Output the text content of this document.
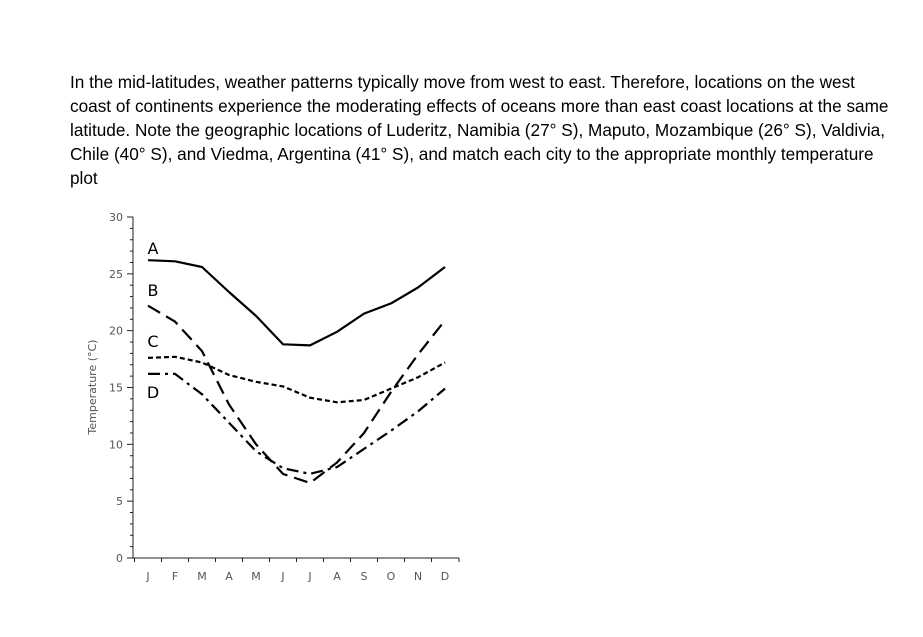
In the mid-latitudes, weather patterns typically move from west to east. Therefore, locations on the west coast of continents experience the moderating effects of oceans more than east coast locations at the same latitude. Note the geographic locations of Luderitz, Namibia (27° S), Maputo, Mozambique (26° S), Valdivia, Chile (40° S), and Viedma, Argentina (41° S), and match each city to the appropriate monthly temperature plot
0
5
10
15
20
25
30
J F M A M J J A S O N D
Temperature (°C)
A
B
C
D
